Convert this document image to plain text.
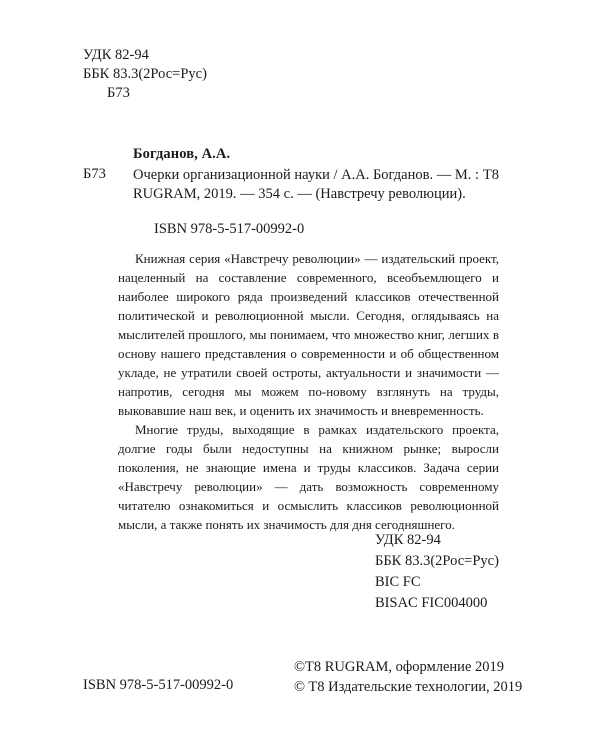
УДК 82-94
ББК 83.3(2Рос=Рус)
Б73
Богданов, А.А.
Б73 Очерки организационной науки / А.А. Богданов. — М. : T8
RUGRAM, 2019. — 354 с. — (Навстречу революции).
ISBN 978-5-517-00992-0

Книжная серия «Навстречу революции» — издательский проект, нацеленный на составление современного, всеобъемлющего и наиболее широкого ряда произведений классиков отечественной политической и революционной мысли. Сегодня, оглядываясь на мыслителей прошлого, мы понимаем, что множество книг, легших в основу нашего представления о современности и об общественном укладе, не утратили своей остроты, актуальности и значимости — напротив, сегодня мы можем по-новому взглянуть на труды, выковавшие наш век, и оценить их значимость и вневременность.

Многие труды, выходящие в рамках издательского проекта, долгие годы были недоступны на книжном рынке; выросли поколения, не знающие имена и труды классиков. Задача серии «Навстречу революции» — дать возможность современному читателю ознакомиться и осмыслить классиков революционной мысли, а также понять их значимость для дня сегодняшнего.

УДК 82-94
ББК 83.3(2Рос=Рус)
BIC FC
BISAC FIC004000
ISBN 978-5-517-00992-0
©T8 RUGRAM, оформление 2019
© T8 Издательские технологии, 2019
